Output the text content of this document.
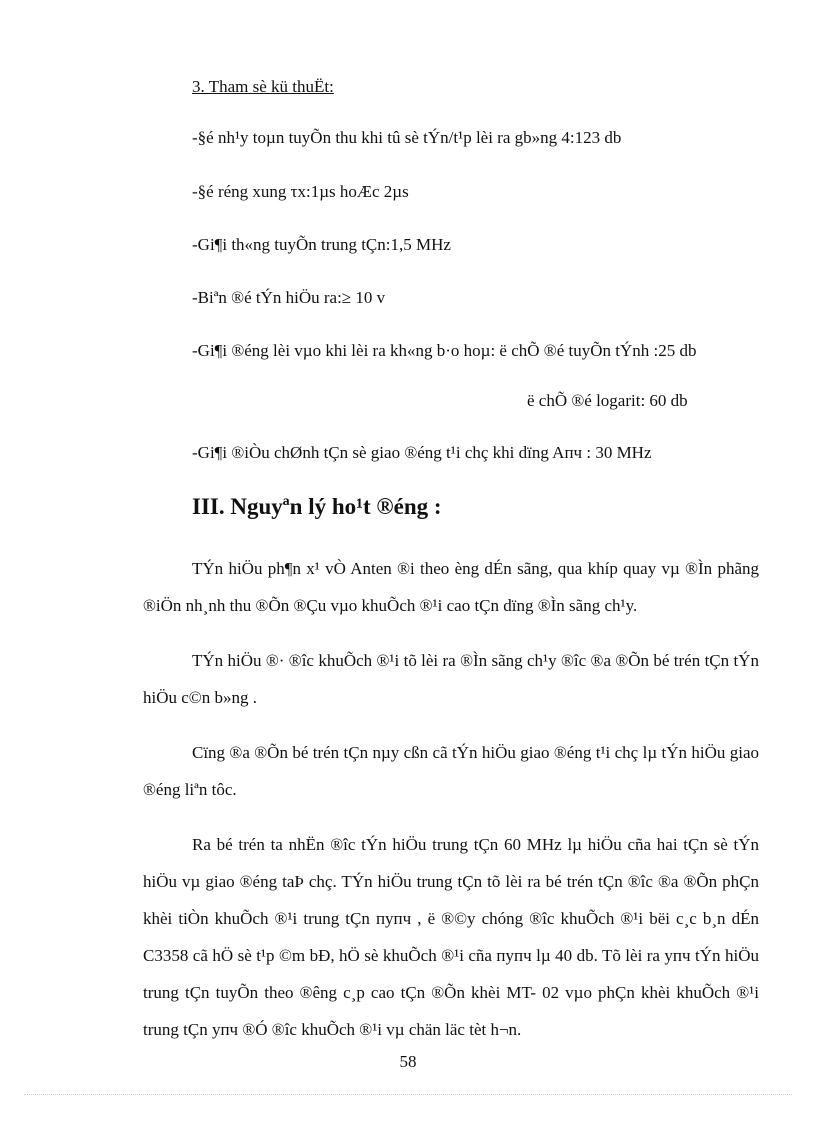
3. Tham sè kü thuËt:
-§é nh¹y toµn tuyÕn thu khi tû sè tÝn/t¹p lèi ra gb»ng 4:123 db
-§é réng xung τx:1µs hoÆc 2µs
-Gi¶i th«ng tuyÕn trung tÇn:1,5 MHz
-Biªn ®é tÝn hiÖu ra:≥ 10 v
-Gi¶i ®éng lèi vµo khi lèi ra kh«ng b·o hoµ: ë chÕ ®é tuyÕn tÝnh :25 db
ë chÕ ®é logarit: 60 db
-Gi¶i ®iÒu chØnh tÇn sè giao ®éng t¹i chç khi dïng Aпч : 30 MHz
III. Nguyªn lý ho¹t ®éng :

TÝn hiÖu ph¶n x¹ vÒ Anten ®i theo èng dÉn sãng, qua khíp quay vµ ®Ìn phãng ®iÖn nh¸nh thu ®Õn ®Çu vµo khuÕch ®¹i cao tÇn dïng ®Ìn sãng ch¹y.

TÝn hiÖu ®· ®îc khuÕch ®¹i tõ lèi ra ®Ìn sãng ch¹y ®îc ®a ®Õn bé trén tÇn tÝn hiÖu c©n b»ng .

Cïng ®a ®Õn bé trén tÇn nµy cßn cã tÝn hiÖu giao ®éng t¹i chç lµ tÝn hiÖu giao ®éng liªn tôc.

Ra bé trén ta nhËn ®îc tÝn hiÖu trung tÇn 60 MHz lµ hiÖu cña hai tÇn sè tÝn hiÖu vµ giao ®éng taÞ chç. TÝn hiÖu trung tÇn tõ lèi ra bé trén tÇn ®îc ®a ®Õn phÇn khèi tiÒn khuÕch ®¹i trung tÇn пупч , ë ®©y chóng ®îc khuÕch ®¹i bëi c¸c b¸n dÉn C3358 cã hÖ sè t¹p ©m bÐ, hÖ sè khuÕch ®¹i cña пупч lµ 40 db. Tõ lèi ra упч tÝn hiÖu trung tÇn tuyÕn theo ®êng c¸p cao tÇn ®Õn khèi MT- 02 vµo phÇn khèi khuÕch ®¹i trung tÇn упч ®Ó ®îc khuÕch ®¹i vµ chän läc tèt h¬n.

58
